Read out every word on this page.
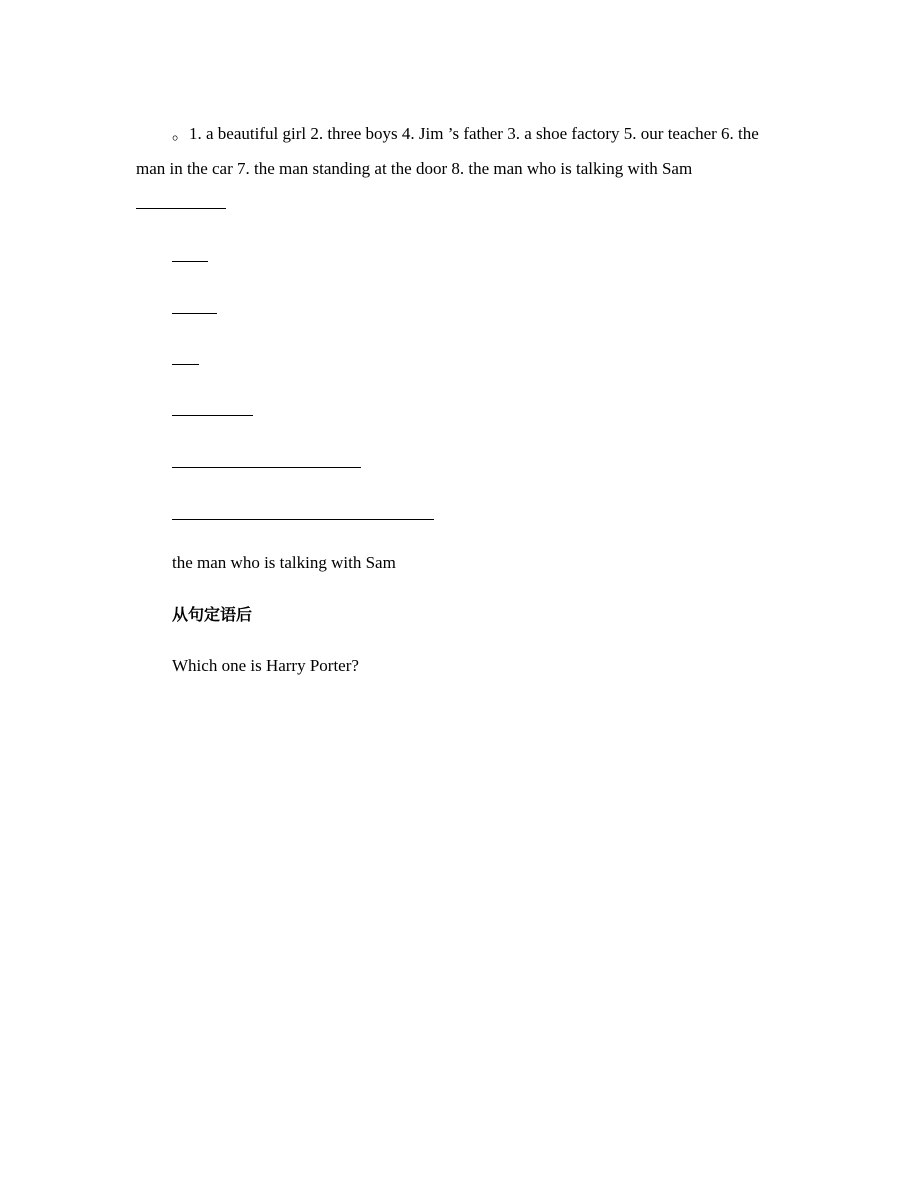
。1. a beautiful girl 2. three boys 4. Jim ’s father 3. a shoe factory 5. our teacher 6. the man in the car 7. the man standing at the door 8. the man who is talking with Sam

the man who is talking with Sam
从句定语后
Which one is Harry Porter?
